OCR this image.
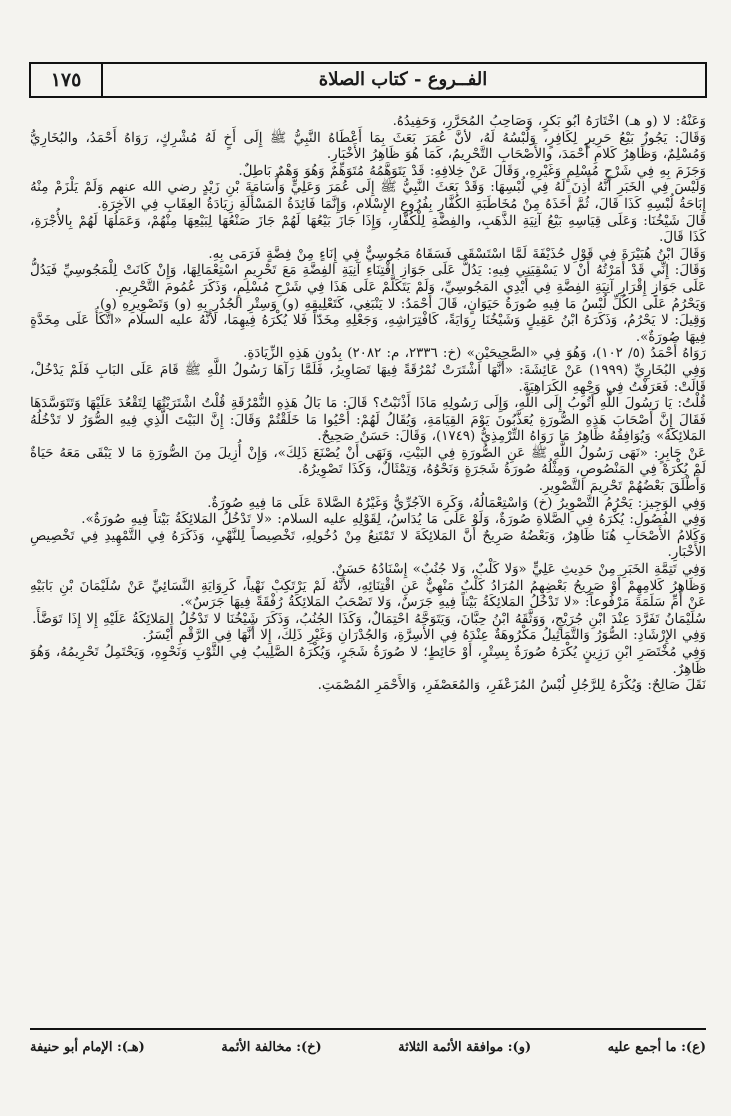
١٧٥	الفــروع - كتاب الصلاة

وَعَنْهُ: لا (و هـ) اخْتَارَهُ أَبُو بَكْرٍ، وَصَاحِبُ المُحَرَّرِ، وَحَفِيدُهُ.

وَقَالَ: يَجُوزُ بَيْعُ حَرِيرٍ لِكَافِرٍ، وَلُبْسُهُ لَهُ، لأنَّ عُمَرَ بَعَثَ بِمَا أَعْطَاهُ النَّبِيُّ ﷺ إِلَى أَخٍ لَهُ مُشْرِكٍ، رَوَاهُ أَحْمَدُ، والبُخَارِيُّ وَمُسْلِمٌ، وَظَاهِرُ كَلامِ أَحْمَدَ، والأَصْحَابِ التَّحْرِيمُ، كَمَا هُوَ ظَاهِرُ الأَخْبَارِ.

وَجَزَمَ بِهِ فِي شَرْحِ مُسْلِمٍ وَغَيْرِهِ، وَقَالَ عَنْ خِلافِهِ: قَدْ يَتَوَهَّمُهُ مُتَوَهِّمٌ وَهُوَ وَهْمٌ بَاطِلٌ.

وَلَيْسَ فِي الخَبَرِ أَنَّهُ أَذِنَ لَهُ فِي لُبْسِهَا: وَقَدْ بَعَثَ النَّبِيُّ ﷺ إِلَى عُمَرَ وَعَلِيٍّ وَأُسَامَةَ بْنِ زَيْدٍ رضي الله عنهم وَلَمْ يَلْزَمْ مِنْهُ إِبَاحَةُ لُبْسِهِ كَذَا قَالَ، ثُمَّ أَخَذَهُ مِنْ مُخَاطَبَةِ الكُفَّارِ بِفُرُوعِ الإِسْلامِ، وَإِنَّمَا فَائِدَةُ المَسْأَلَةِ زِيَادَةُ العِقَابِ فِي الآخِرَةِ.

قَالَ شَيْخُنَا: وَعَلَى قِيَاسِهِ بَيْعُ آنِيَةِ الذَّهَبِ، والفِضَّةِ لِلْكُفَّارِ، وَإِذَا جَازَ بَيْعُهَا لَهُمْ جَازَ صَنْعُهَا لِبَيْعِهَا مِنْهُمْ، وَعَمَلُهَا لَهُمْ بِالأُجْرَةِ، كَذَا قَالَ.

وَقَالَ ابْنُ هُبَيْرَةَ فِي قَوْلِ حُذَيْفَةَ لَمَّا اسْتَسْقَى فَسَقَاهُ مَجُوسِيٌّ فِي إِنَاءٍ مِنْ فِضَّةٍ فَرَمَى بِهِ.

وَقَالَ: إِنِّي قَدْ أَمَرْتُهُ أَنْ لا يَسْقِيَنِي فِيهِ: يَدُلُّ عَلَى جَوَازِ اقْتِنَاءِ آنِيَةِ الفِضَّةِ مَعَ تَحْرِيمِ اسْتِعْمَالِهَا، وَإِنْ كَانَتْ لِلْمَجُوسِيِّ فَيَدُلُّ عَلَى جَوَازِ إِقْرَارِ آنِيَةِ الفِضَّةِ فِي أَيْدِي المَجُوسِيِّ، وَلَمْ يَتَكَلَّمْ عَلَى هَذَا فِي شَرْحِ مُسْلِمٍ، وَذَكَرَ عُمُومَ التَّحْرِيمِ.

وَيَحْرُمُ عَلَى الكُلِّ لُبْسُ مَا فِيهِ صُورَةُ حَيَوَانٍ، قَالَ أَحْمَدُ: لا يَنْبَغِي، كَتَعْلِيقِهِ (و) وَسِتْرِ الجُدُرِ بِهِ (و) وَتَصْوِيرِهِ (و).

وَقِيلَ: لا يَحْرُمُ، وَذَكَرَهُ ابْنُ عَقِيلٍ وَشَيْخُنَا رِوَايَةً، كَافْتِرَاشِهِ، وَجَعْلِهِ مِخَدّاً فَلا يُكْرَهُ فِيهِمَا، لأَنَّهُ عليه السلام «اتَّكَأَ عَلَى مِخَدَّةٍ فِيهَا صُورَةٌ».

رَوَاهُ أَحْمَدُ (٥/ ١٠٢)، وَهُوَ فِي «الصَّحِيحَيْنِ» (خ: ٢٣٣٦، م: ٢٠٨٢) بِدُونِ هَذِهِ الزِّيَادَةِ.

وَفِي البُخَارِيِّ (١٩٩٩) عَنْ عَائِشَةَ: «أَنَّهَا اشْتَرَتْ نُمْرُقَةً فِيهَا تَصَاوِيرُ، فَلَمَّا رَآهَا رَسُولُ اللَّهِ ﷺ قَامَ عَلَى البَابِ فَلَمْ يَدْخُلْ، قَالَتْ: فَعَرَفْتُ فِي وَجْهِهِ الكَرَاهِيَةَ.

قُلْتُ: يَا رَسُولَ اللَّهِ أَتُوبُ إِلَى اللَّهِ، وَإِلَى رَسُولِهِ مَاذَا أَذْنَبْتُ؟ قَالَ: مَا بَالُ هَذِهِ النُّمْرُقَةِ قُلْتُ اشْتَرَيْتُهَا لِتَقْعُدَ عَلَيْهَا وَتَتَوَسَّدَهَا فَقَالَ إِنَّ أَصْحَابَ هَذِهِ الصُّورَةِ يُعَذَّبُونَ يَوْمَ القِيَامَةِ، وَيُقَالُ لَهُمْ: أَحْيُوا مَا خَلَقْتُمْ وَقَالَ: إِنَّ البَيْتَ الَّذِي فِيهِ الصُّوَرُ لا تَدْخُلُهُ المَلائِكَةُ» وَيُوَافِقُهُ ظَاهِرُ مَا رَوَاهُ التِّرْمِذِيُّ (١٧٤٩)، وَقَالَ: حَسَنٌ صَحِيحٌ.

عَنْ جَابِرٍ: «نَهَى رَسُولُ اللَّهِ ﷺ عَنِ الصُّورَةِ فِي البَيْتِ، وَنَهَى أَنْ يُصْنَعَ ذَلِكَ»، وَإِنْ أُزِيلَ مِنَ الصُّورَةِ مَا لا يَبْقَى مَعَهُ حَيَاةٌ لَمْ يُكْرَهْ فِي المَنْصُوصِ، وَمِثْلُهُ صُورَةُ شَجَرَةٍ وَنَحْوُهُ، وَتِمْثَالٌ، وَكَذَا تَصْوِيرُهُ.

وَأَطْلَقَ بَعْضُهُمْ تَحْرِيمَ التَّصْوِيرِ.

وَفِي الوَجِيزِ: يَحْرُمُ التَّصْوِيرُ (خ) وَاسْتِعْمَالُهُ، وَكَرِهَ الآجُرِّيُّ وَغَيْرُهُ الصَّلاةَ عَلَى مَا فِيهِ صُورَةٌ.

وَفِي الفُصُولِ: يُكْرَهُ فِي الصَّلاةِ صُورَةٌ، وَلَوْ عَلَى مَا يُدَاسُ، لِقَوْلِهِ عليه السلام: «لا تَدْخُلُ المَلائِكَةُ بَيْتاً فِيهِ صُورَةٌ».

وَكَلامُ الأَصْحَابِ هُنَا ظَاهِرٌ، وَبَعْضُهُ صَرِيحٌ أَنَّ المَلائِكَةَ لا تَمْتَنِعُ مِنْ دُخُولِهِ، تَخْصِيصاً لِلنَّهْيِ، وَذَكَرَهُ فِي التَّمْهِيدِ فِي تَخْصِيصِ الأَخْبَارِ.

وَفِي تَتِمَّةِ الخَبَرِ مِنْ حَدِيثِ عَلِيٍّ «وَلا كَلْبٌ، وَلا جُنُبٌ» إِسْنَادُهُ حَسَنٌ.

وَظَاهِرُ كَلامِهِمْ أَوْ صَرِيحُ بَعْضِهِمُ المُرَادُ كَلْبٌ مَنْهِيٌّ عَنِ اقْتِنَائِهِ، لأَنَّهُ لَمْ يَرْتَكِبْ نَهْياً، كَرِوَايَةِ النَّسَائِيِّ عَنْ سُلَيْمَانَ بْنِ بَابَيْهِ عَنْ أُمِّ سَلَمَةَ مَرْفُوعاً: «لا تَدْخُلُ المَلائِكَةُ بَيْتاً فِيهِ جَرَسٌ، وَلا تَصْحَبُ المَلائِكَةُ رُفْقَةً فِيهَا جَرَسٌ».

سُلَيْمَانُ تَفَرَّدَ عِنْدَ ابْنِ جُرَيْجٍ، وَوَثَّقَهُ ابْنُ حِبَّانَ، وَيَتَوَجَّهُ احْتِمَالٌ، وَكَذَا الجُنُبُ، وَذَكَرَ شَيْخُنَا لا تَدْخُلُ المَلائِكَةُ عَلَيْهِ إِلا إِذَا تَوَضَّأَ.

وَفِي الإِرْشَادِ: الصُّوَرُ وَالتَّمَاثِيلُ مَكْرُوهَةٌ عِنْدَهُ فِي الأَسِرَّةِ، وَالجُدْرَانِ وَغَيْرِ ذَلِكَ، إِلا أَنَّهَا فِي الرَّقْمِ أَيْسَرُ.

وَفِي مُخْتَصَرِ ابْنِ رَزِينٍ يُكْرَهُ صُورَةٌ بِسِتْرٍ، أَوْ حَائِطٍ؛ لا صُورَةُ شَجَرٍ، وَيُكْرَهُ الصَّلِيبُ فِي الثَّوْبِ وَنَحْوِهِ، وَيَحْتَمِلُ تَحْرِيمُهُ، وَهُوَ ظَاهِرٌ.

نَقَلَ صَالِحٌ: وَيُكْرَهُ لِلرَّجُلِ لُبْسُ المُزَعْفَرِ، وَالمُعَصْفَرِ، وَالأَحْمَرِ المُصْمَتِ.

(ع): ما أجمع عليه
(و): موافقة الأئمة الثلاثة
(خ): مخالفة الأئمة
(هـ): الإمام أبو حنيفة
